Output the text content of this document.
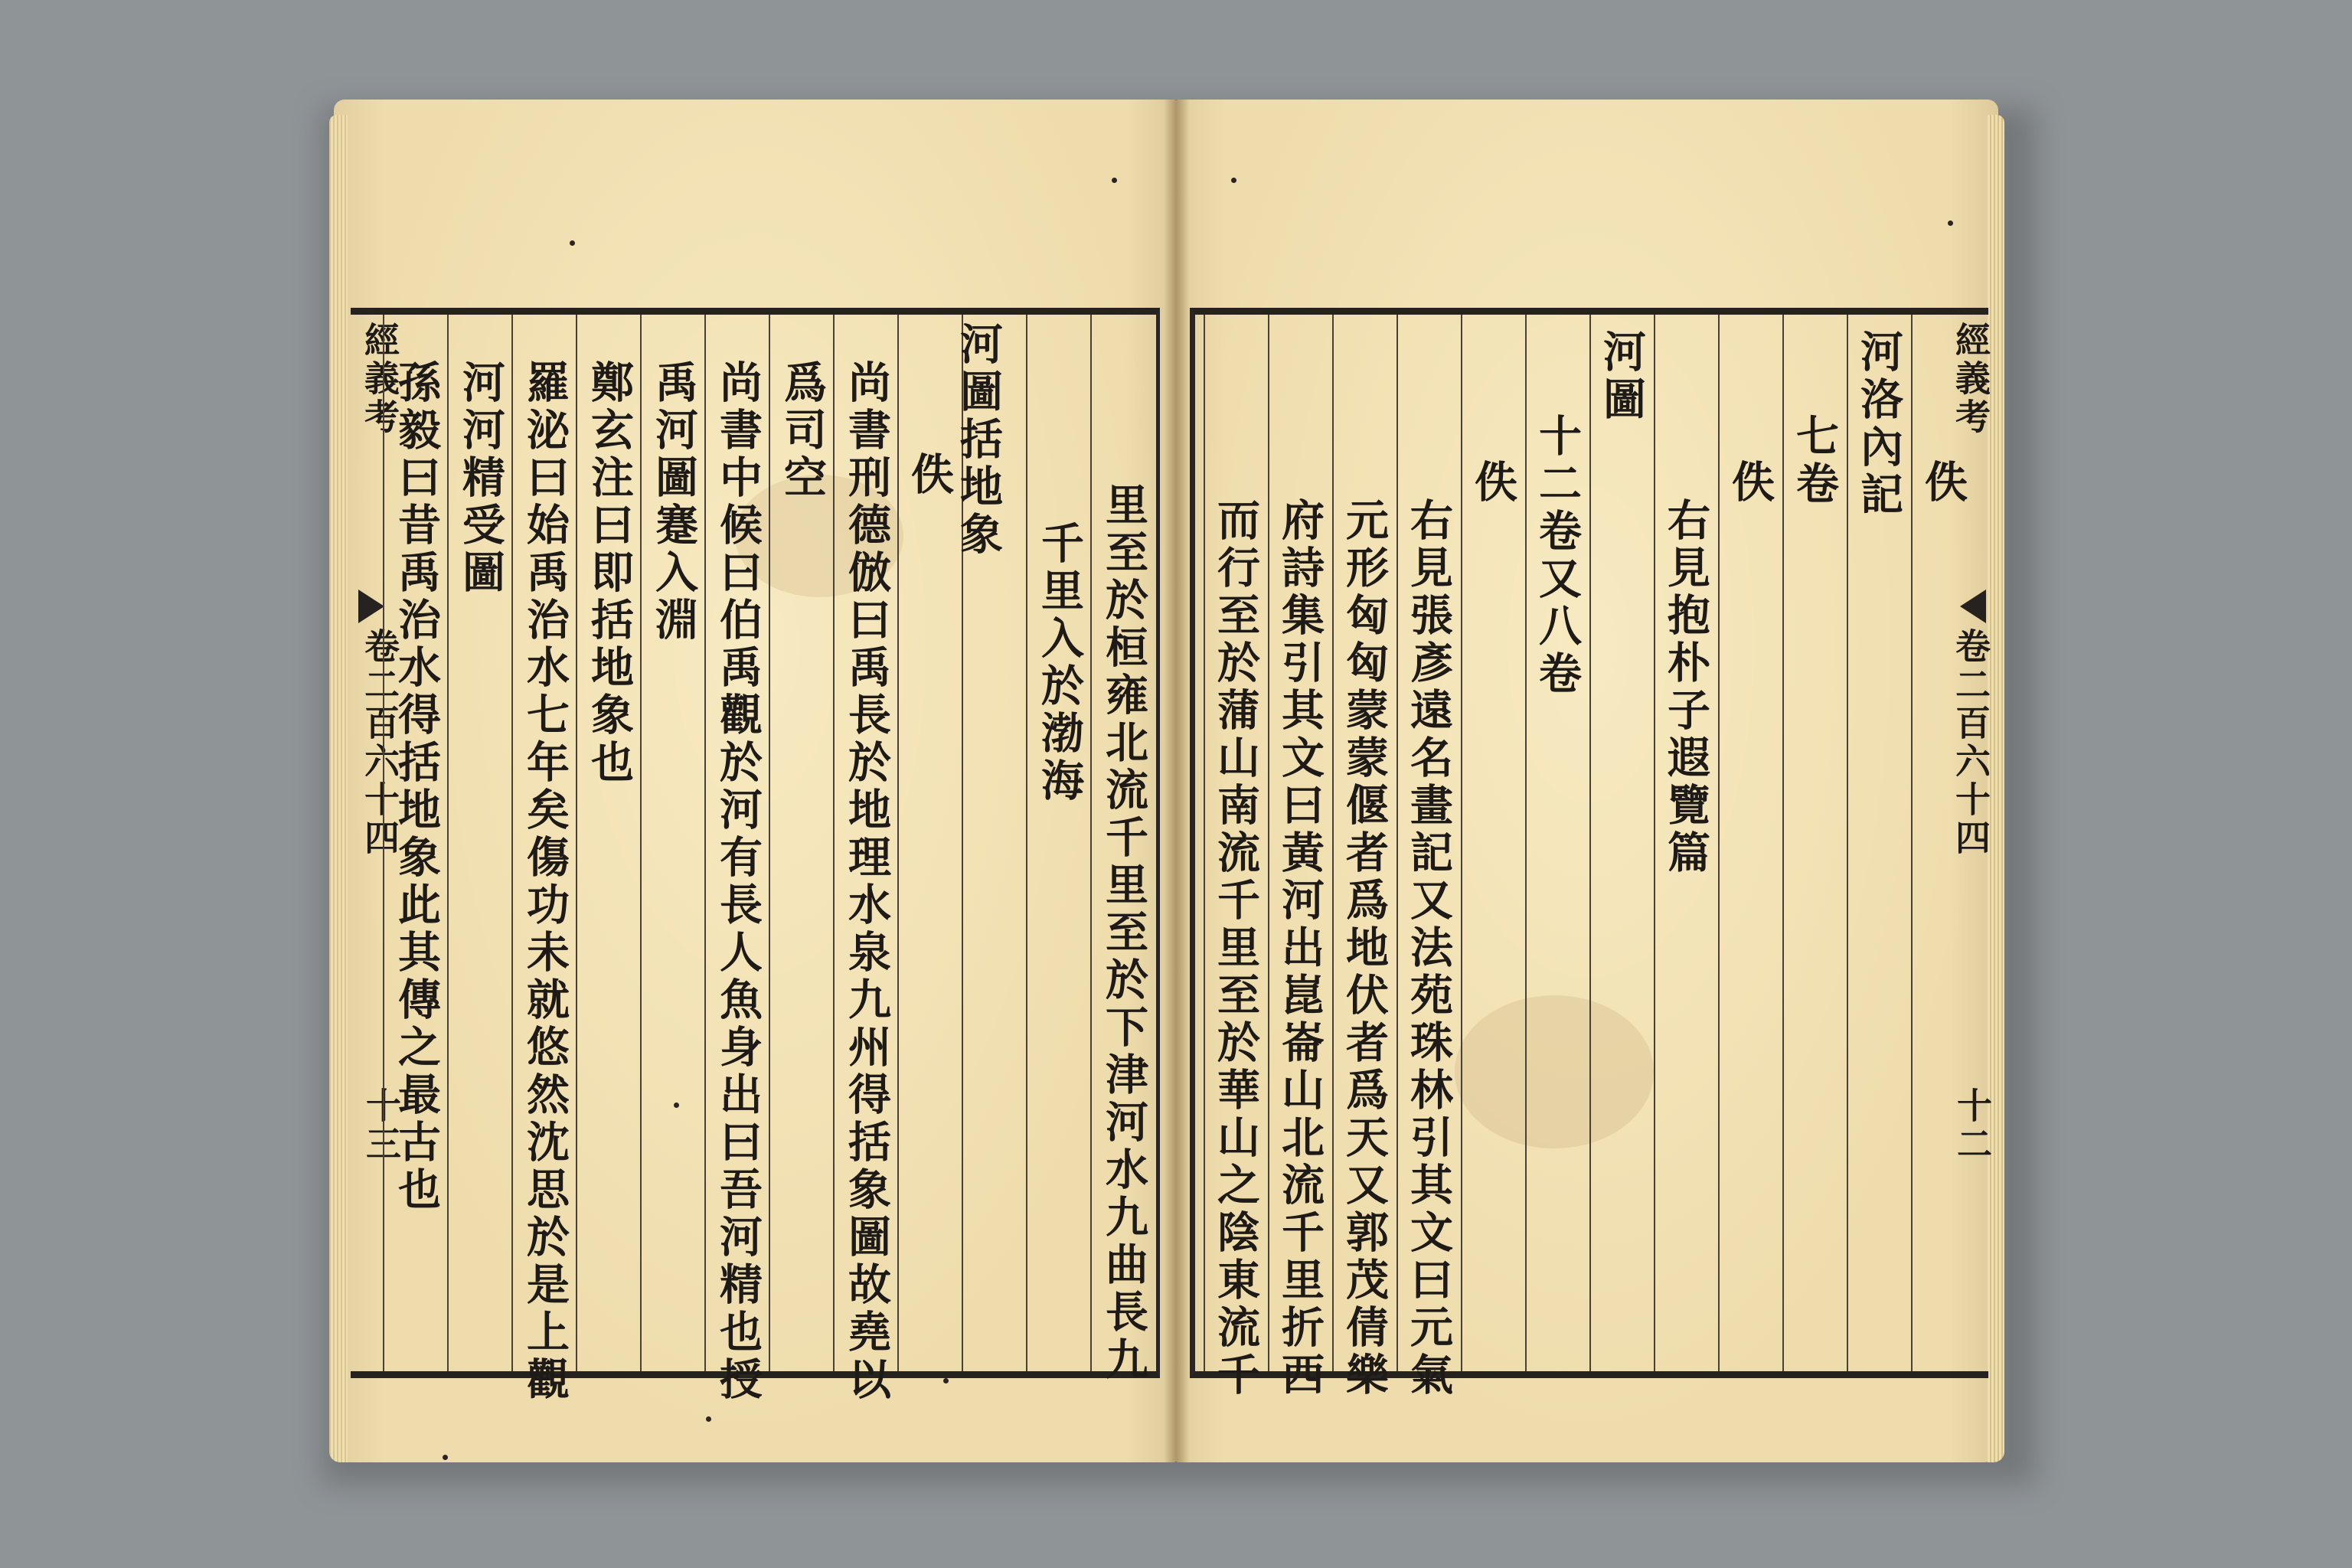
經義考
卷二百六十四
十三	里至於桓雍北流千里至於下津河水九曲長九
千里入於渤海
河圖括地象
佚
尚書刑德倣曰禹長於地理水泉九州得括象圖故堯以
爲司空
尚書中候曰伯禹觀於河有長人魚身出曰吾河精也授
禹河圖蹇入淵
鄭玄注曰即括地象也
羅泌曰始禹治水七年矣傷功未就悠然沈思於是上觀
河河精受圖
孫毅曰昔禹治水得括地象此其傳之最古也	佚
河洛內記
七卷
佚
右見抱朴子遐覽篇
河圖
十二卷又八卷
佚
右見張彥遠名畫記又法苑珠林引其文曰元氣
元形匈匈蒙蒙偃者爲地伏者爲天又郭茂倩樂
府詩集引其文曰黃河出崑崙山北流千里折西
而行至於蒲山南流千里至於華山之陰東流千
經義考
卷二百六十四
十二
